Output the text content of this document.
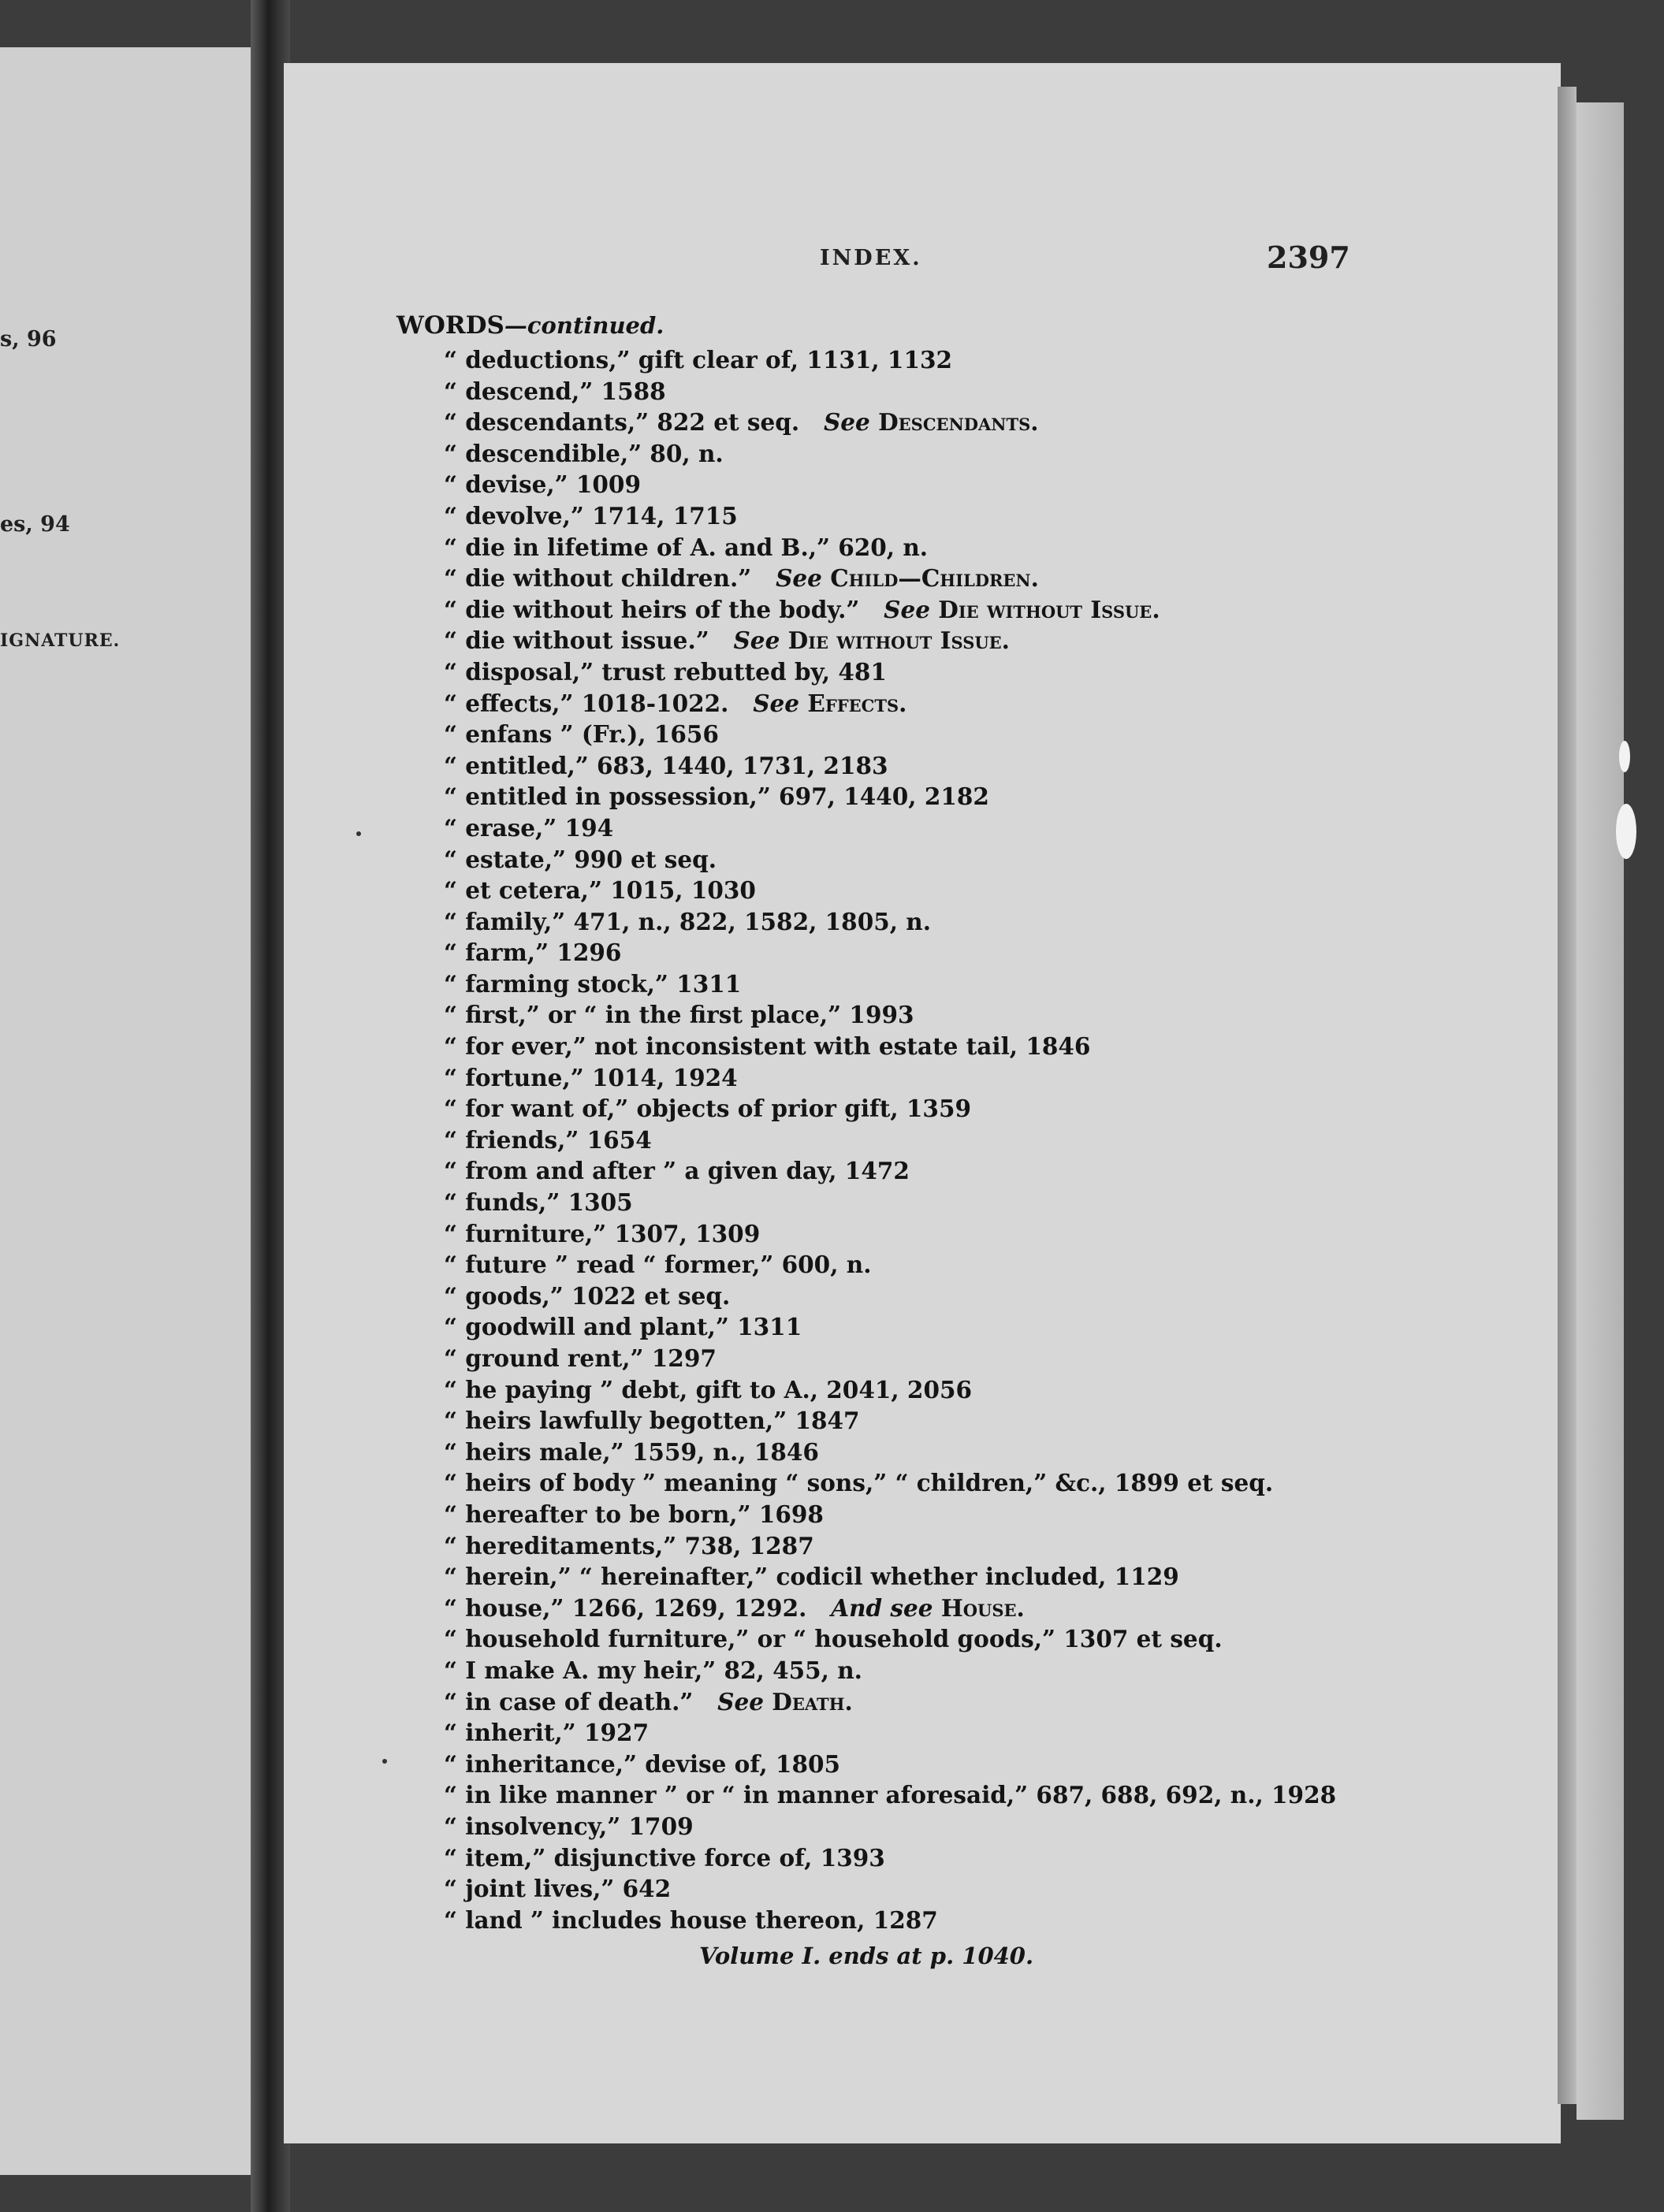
s, 96
es, 94
IGNATURE.
INDEX.	2397
WORDS—continued.
“ deductions,” gift clear of, 1131, 1132
“ descend,” 1588
“ descendants,” 822 et seq. See Descendants.
“ descendible,” 80, n.
“ devise,” 1009
“ devolve,” 1714, 1715
“ die in lifetime of A. and B.,” 620, n.
“ die without children.” See Child—Children.
“ die without heirs of the body.” See Die without Issue.
“ die without issue.” See Die without Issue.
“ disposal,” trust rebutted by, 481
“ effects,” 1018-1022. See Effects.
“ enfans ” (Fr.), 1656
“ entitled,” 683, 1440, 1731, 2183
“ entitled in possession,” 697, 1440, 2182
“ erase,” 194
“ estate,” 990 et seq.
“ et cetera,” 1015, 1030
“ family,” 471, n., 822, 1582, 1805, n.
“ farm,” 1296
“ farming stock,” 1311
“ first,” or “ in the first place,” 1993
“ for ever,” not inconsistent with estate tail, 1846
“ fortune,” 1014, 1924
“ for want of,” objects of prior gift, 1359
“ friends,” 1654
“ from and after ” a given day, 1472
“ funds,” 1305
“ furniture,” 1307, 1309
“ future ” read “ former,” 600, n.
“ goods,” 1022 et seq.
“ goodwill and plant,” 1311
“ ground rent,” 1297
“ he paying ” debt, gift to A., 2041, 2056
“ heirs lawfully begotten,” 1847
“ heirs male,” 1559, n., 1846
“ heirs of body ” meaning “ sons,” “ children,” &c., 1899 et seq.
“ hereafter to be born,” 1698
“ hereditaments,” 738, 1287
“ herein,” “ hereinafter,” codicil whether included, 1129
“ house,” 1266, 1269, 1292. And see House.
“ household furniture,” or “ household goods,” 1307 et seq.
“ I make A. my heir,” 82, 455, n.
“ in case of death.” See Death.
“ inherit,” 1927
“ inheritance,” devise of, 1805
“ in like manner ” or “ in manner aforesaid,” 687, 688, 692, n., 1928
“ insolvency,” 1709
“ item,” disjunctive force of, 1393
“ joint lives,” 642
“ land ” includes house thereon, 1287
Volume I. ends at p. 1040.
